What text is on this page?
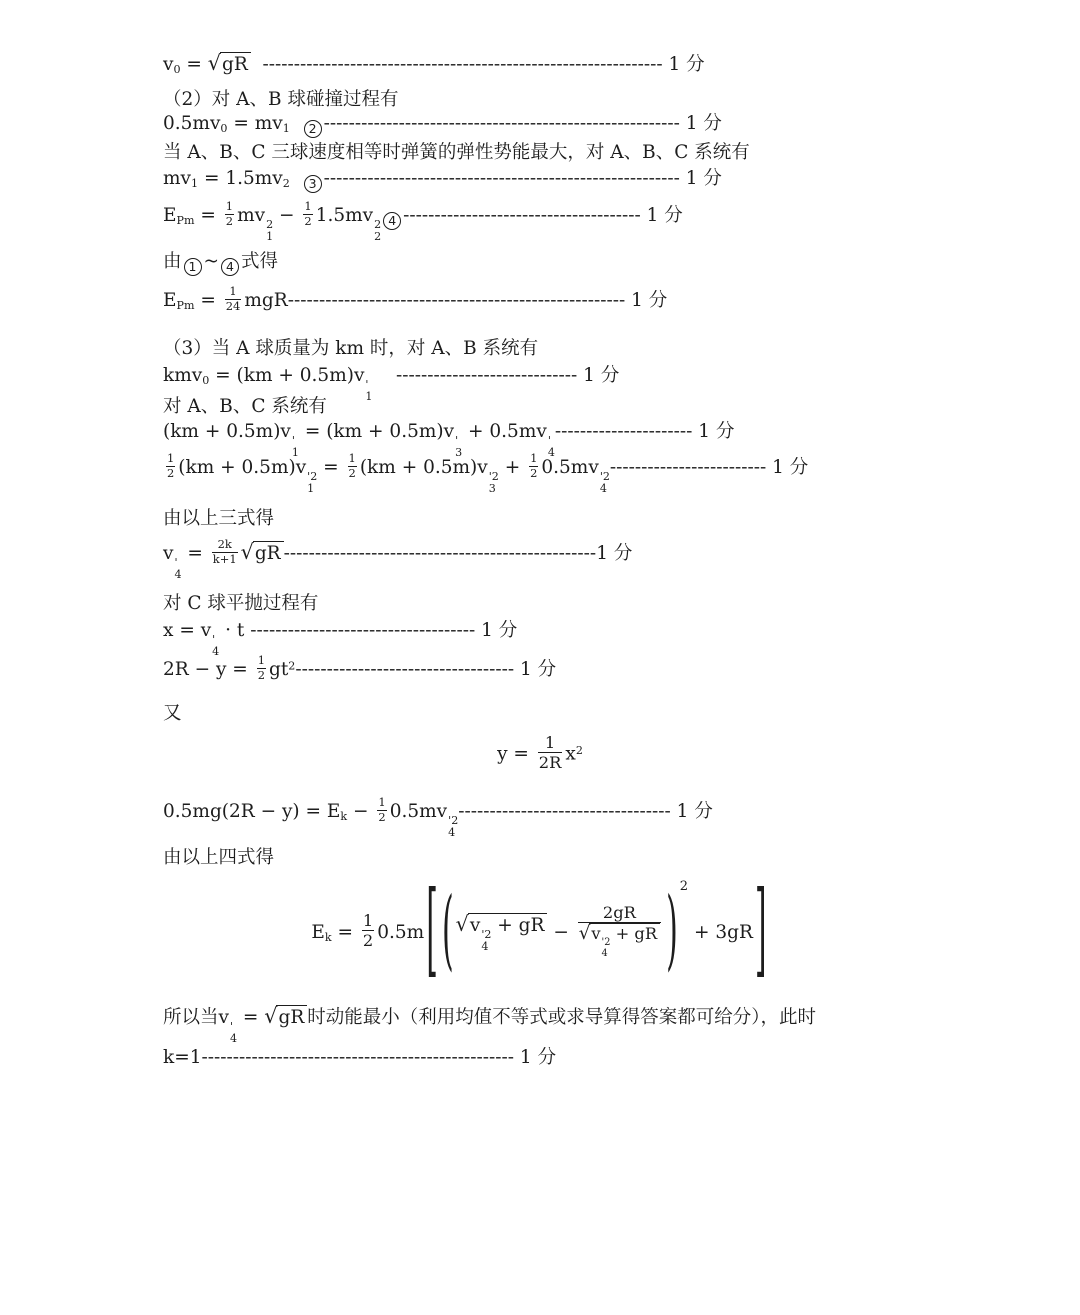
$v_0$ = √ gR ---------------------------------------------------------------- 1 分
（2）对 A、B 球碰撞过程有
$0.5mv_0 = mv_1$ 2 --------------------------------------------------------- 1 分
当 A、B、C 三球速度相等时弹簧的弹性势能最大，对 A、B、C 系统有
$mv_1 = 1.5mv_2$ 3 --------------------------------------------------------- 1 分
$E_{Pm} = \frac{1}{2}$ mv 2
1
− $\frac{1}{2} 1.5mv$ 2
2
4 -------------------------------------- 1 分
由 1 ~ 4 式得
$E_{Pm} = \frac{1}{24} mgR------------------------------------------------------$ 1 分
（3）当 A 球质量为 km 时，对 A、B 系统有
kmv$_0$ = (km + 0.5m)v '
1
----------------------------- 1 分
对 A、B、C 系统有
(km + 0.5m)v '
1
= (km + 0.5m)v '
3
+ 0.5mv '
4
---------------------- 1 分
$\frac{1}{2} (km + 0.5m)v$ '2
1
= $\frac{1}{2} (km + 0.5m)v$ '2
3
+ $\frac{1}{2} 0.5mv$ '2
4
------------------------- 1 分
由以上三式得
v '
4
= $\frac{2k}{k+1}$ √ gR --------------------------------------------------1 分
对 C 球平抛过程有
x = v '
4
· t ------------------------------------ 1 分
$2R - y = \frac{1}{2} gt^2-----------------------------------$ 1 分
又
$y = \frac{1}{2R} x^2$
$0.5mg(2R - y) = E_k - \frac{1}{2} 0.5mv$ '2
4
---------------------------------- 1 分
由以上四式得
$E_k = \frac{1}{2} 0.5m$ [ ( √ v '2
4
+ gR − 2gR
√ v '2
4
+ gR ) 2
+ 3gR ]
所以当v '
4
= √ gR 时动能最小（利用均值不等式或求导算得答案都可给分），此时
k=1-------------------------------------------------- 1 分
